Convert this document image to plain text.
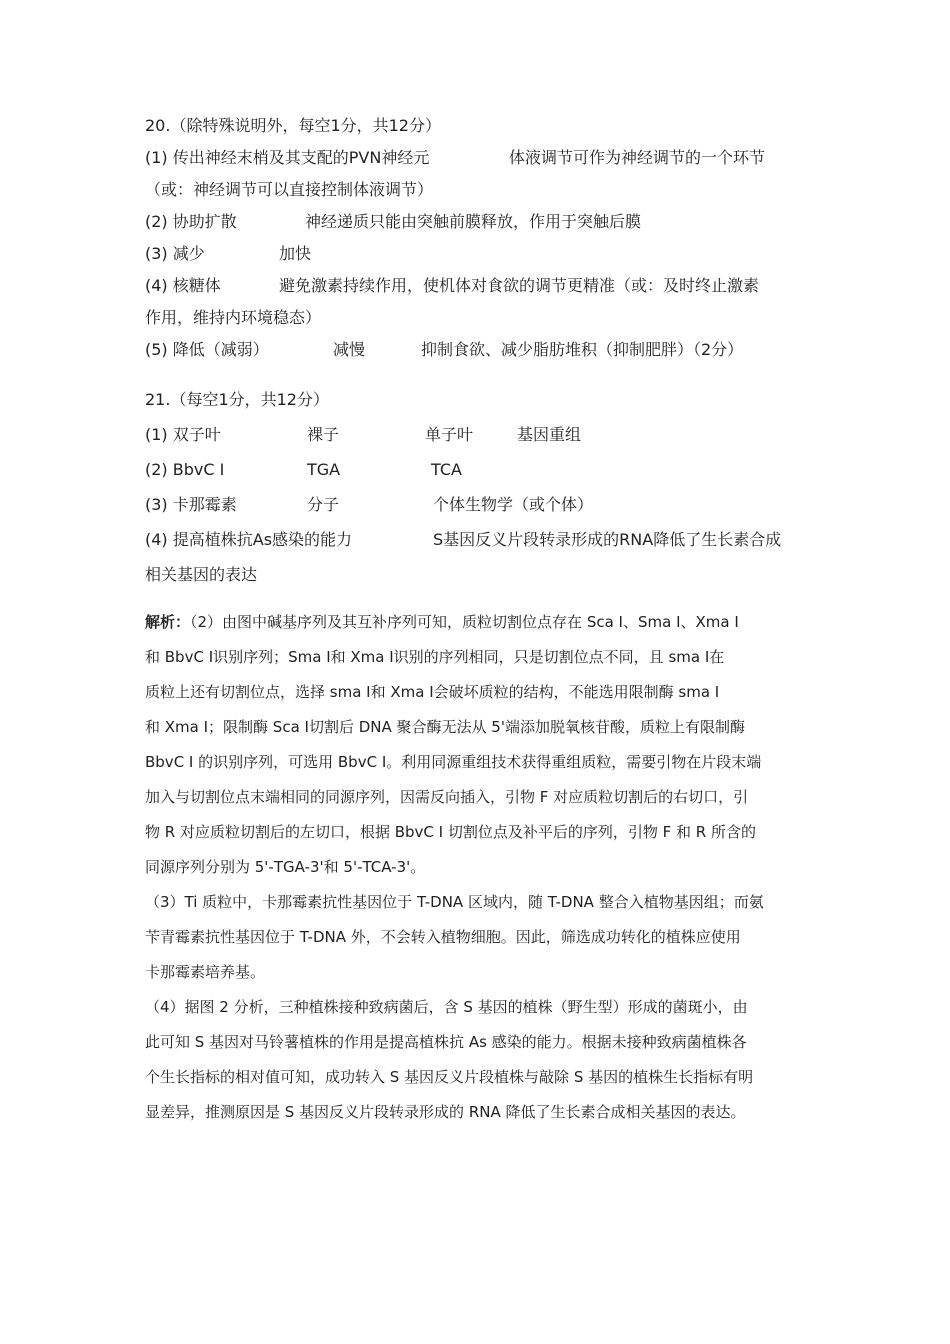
20.（除特殊说明外，每空1分，共12分）
(1) 传出神经末梢及其支配的PVN神经元	体液调节可作为神经调节的一个环节
（或：神经调节可以直接控制体液调节）
(2) 协助扩散	神经递质只能由突触前膜释放，作用于突触后膜
(3) 减少	加快
(4) 核糖体	避免激素持续作用，使机体对食欲的调节更精准（或：及时终止激素
作用，维持内环境稳态）
(5) 降低（减弱）	减慢	抑制食欲、减少脂肪堆积（抑制肥胖）（2分）
21.（每空1分，共12分）
(1) 双子叶	裸子	单子叶	基因重组
(2) BbvC Ⅰ	TGA	TCA
(3) 卡那霉素	分子	个体生物学（或个体）
(4) 提高植株抗As感染的能力	S基因反义片段转录形成的RNA降低了生长素合成
相关基因的表达
解析：（2）由图中碱基序列及其互补序列可知，质粒切割位点存在 Sca Ⅰ、Sma Ⅰ、Xma Ⅰ
和 BbvC Ⅰ识别序列；Sma Ⅰ和 Xma Ⅰ识别的序列相同，只是切割位点不同，且 sma Ⅰ在
质粒上还有切割位点，选择 sma Ⅰ和 Xma Ⅰ会破坏质粒的结构，不能选用限制酶 sma Ⅰ
和 Xma Ⅰ；限制酶 Sca Ⅰ切割后 DNA 聚合酶无法从 5'端添加脱氧核苷酸，质粒上有限制酶
BbvC I 的识别序列，可选用 BbvC I。利用同源重组技术获得重组质粒，需要引物在片段末端
加入与切割位点末端相同的同源序列，因需反向插入，引物 F 对应质粒切割后的右切口，引
物 R 对应质粒切割后的左切口，根据 BbvC I 切割位点及补平后的序列，引物 F 和 R 所含的
同源序列分别为 5'-TGA-3'和 5'-TCA-3'。
（3）Ti 质粒中，卡那霉素抗性基因位于 T-DNA 区域内，随 T-DNA 整合入植物基因组；而氨
苄青霉素抗性基因位于 T-DNA 外，不会转入植物细胞。因此，筛选成功转化的植株应使用
卡那霉素培养基。
（4）据图 2 分析，三种植株接种致病菌后，含 S 基因的植株（野生型）形成的菌斑小，由
此可知 S 基因对马铃薯植株的作用是提高植株抗 As 感染的能力。根据未接种致病菌植株各
个生长指标的相对值可知，成功转入 S 基因反义片段植株与敲除 S 基因的植株生长指标有明
显差异，推测原因是 S 基因反义片段转录形成的 RNA 降低了生长素合成相关基因的表达。
